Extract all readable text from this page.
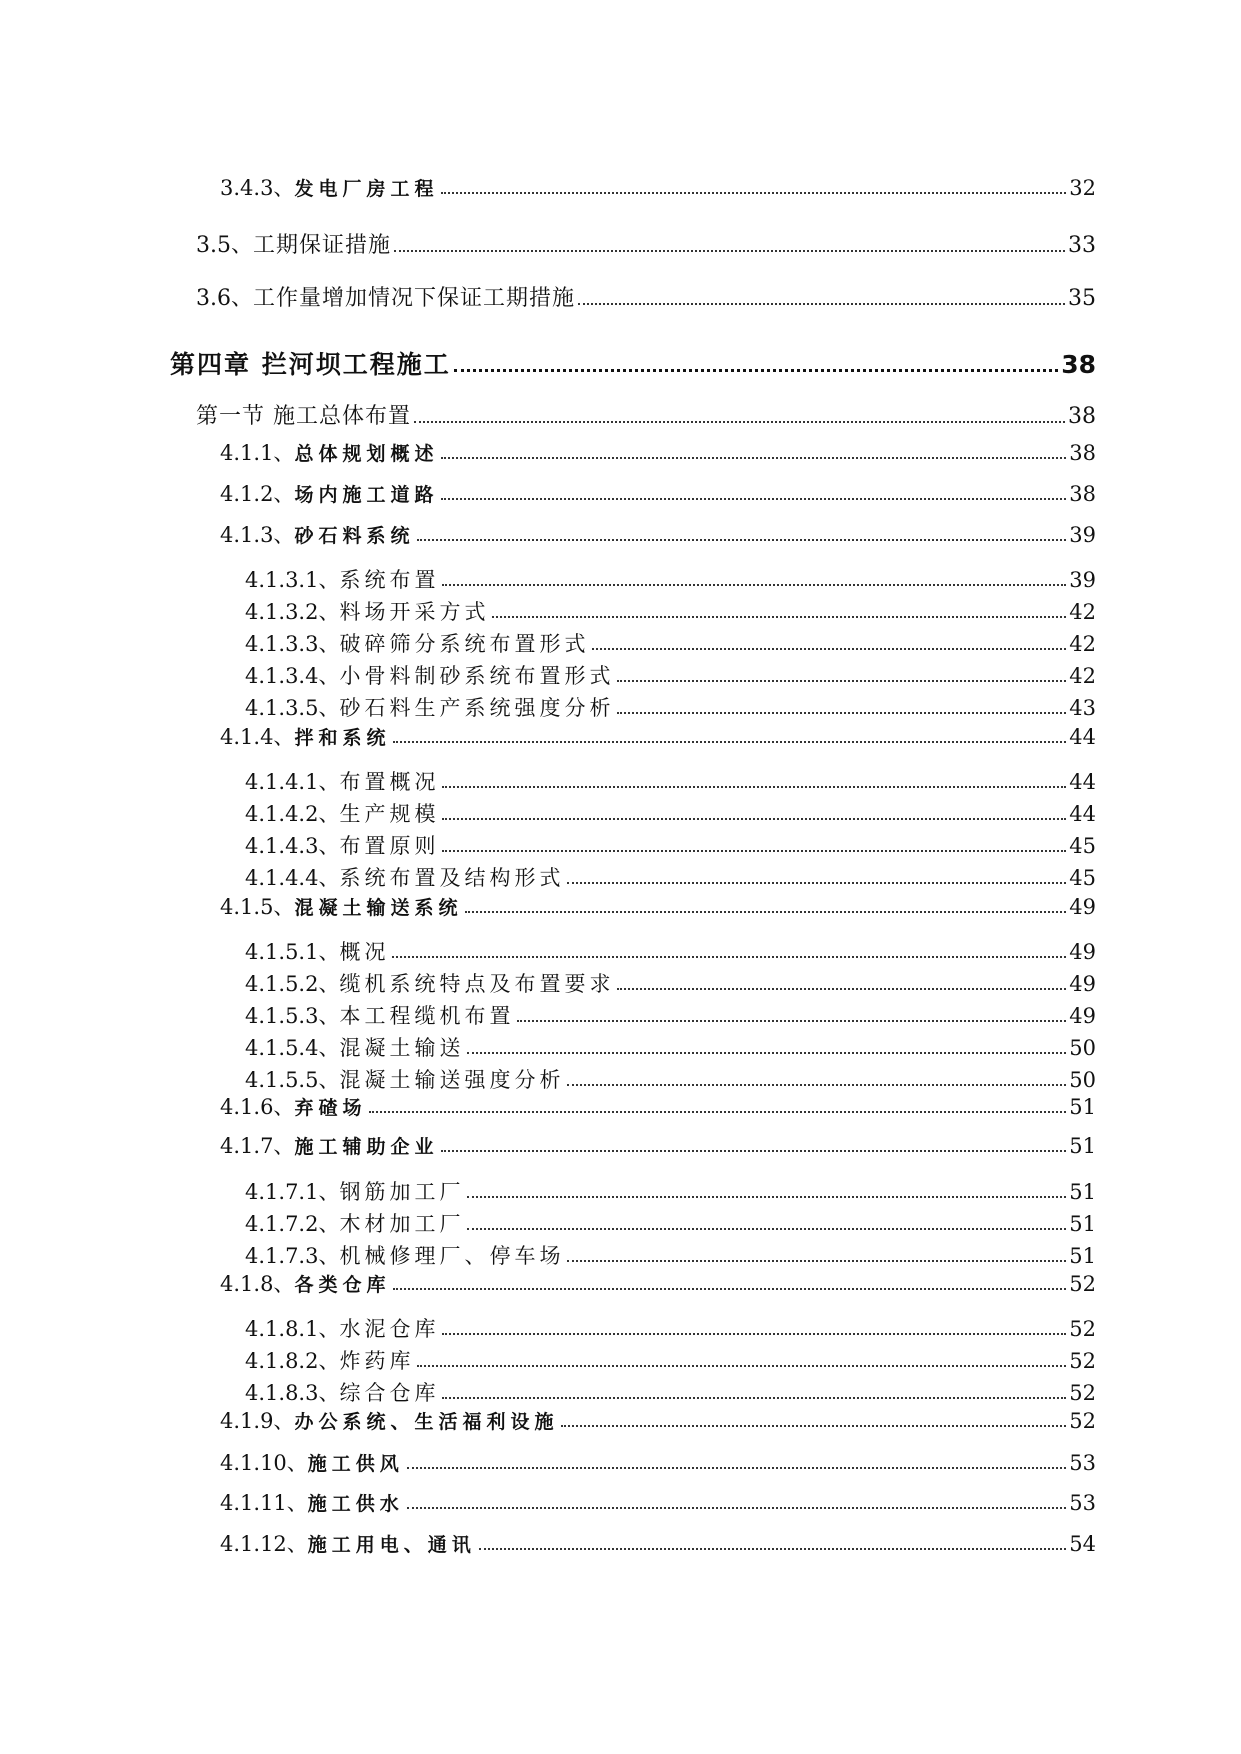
3.4.3、 发电厂房工程	32
3.5、 工期保证措施	33
3.6、 工作量增加情况下保证工期措施	35
第四章 拦河坝工程施工	38
第一节 施工总体布置	38
4.1.1、 总体规划概述	38
4.1.2、 场内施工道路	38
4.1.3、 砂石料系统	39
4.1.3.1、 系统布置	39
4.1.3.2、 料场开采方式	42
4.1.3.3、 破碎筛分系统布置形式	42
4.1.3.4、 小骨料制砂系统布置形式	42
4.1.3.5、 砂石料生产系统强度分析	43
4.1.4、 拌和系统	44
4.1.4.1、 布置概况	44
4.1.4.2、 生产规模	44
4.1.4.3、 布置原则	45
4.1.4.4、 系统布置及结构形式	45
4.1.5、 混凝土输送系统	49
4.1.5.1、 概况	49
4.1.5.2、 缆机系统特点及布置要求	49
4.1.5.3、 本工程缆机布置	49
4.1.5.4、 混凝土输送	50
4.1.5.5、 混凝土输送强度分析	50
4.1.6、 弃碴场	51
4.1.7、 施工辅助企业	51
4.1.7.1、 钢筋加工厂	51
4.1.7.2、 木材加工厂	51
4.1.7.3、 机械修理厂、停车场	51
4.1.8、 各类仓库	52
4.1.8.1、 水泥仓库	52
4.1.8.2、 炸药库	52
4.1.8.3、 综合仓库	52
4.1.9、 办公系统、生活福利设施	52
4.1.10、 施工供风	53
4.1.11、 施工供水	53
4.1.12、 施工用电、通讯	54
